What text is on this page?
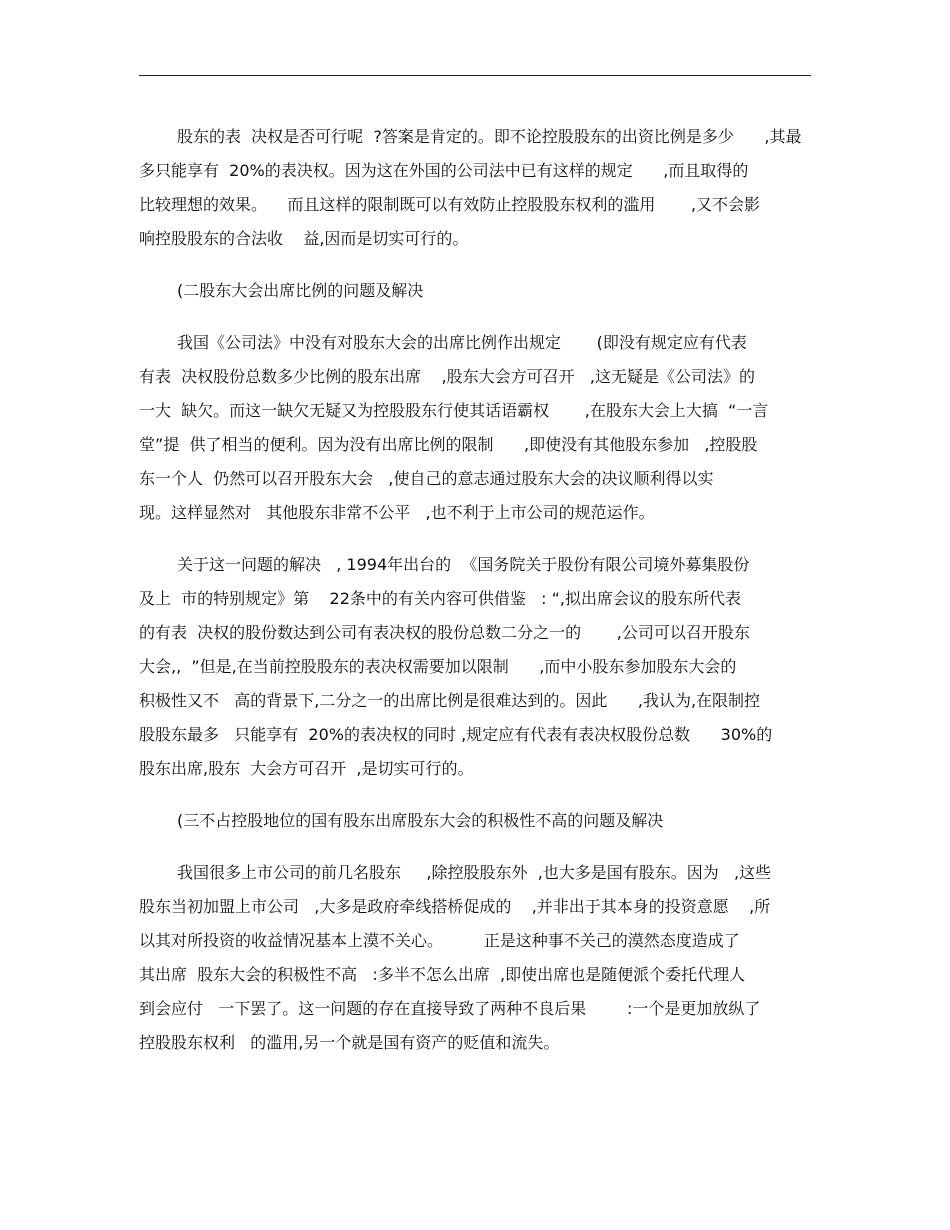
股东的表  决权是否可行呢  ?答案是肯定的。即不论控股股东的出资比例是多少      ,其最
多只能享有  20%的表决权。因为这在外国的公司法中已有这样的规定      ,而且取得的
比较理想的效果。    而且这样的限制既可以有效防止控股股东权利的滥用       ,又不会影
响控股股东的合法收    益,因而是切实可行的。
(二股东大会出席比例的问题及解决
我国《公司法》中没有对股东大会的出席比例作出规定       (即没有规定应有代表
有表  决权股份总数多少比例的股东出席    ,股东大会方可召开   ,这无疑是《公司法》的
一大  缺欠。而这一缺欠无疑又为控股股东行使其话语霸权       ,在股东大会上大搞  “一言
堂”提  供了相当的便利。因为没有出席比例的限制      ,即使没有其他股东参加   ,控股股
东一个人  仍然可以召开股东大会   ,使自己的意志通过股东大会的决议顺利得以实
现。这样显然对   其他股东非常不公平   ,也不利于上市公司的规范运作。
关于这一问题的解决   , 1994年出台的  《国务院关于股份有限公司境外募集股份
及上  市的特别规定》第    22条中的有关内容可供借鉴   : “,拟出席会议的股东所代表
的有表  决权的股份数达到公司有表决权的股份总数二分之一的       ,公司可以召开股东
大会,,  ”但是,在当前控股股东的表决权需要加以限制      ,而中小股东参加股东大会的
积极性又不   高的背景下,二分之一的出席比例是很难达到的。因此      ,我认为,在限制控
股股东最多   只能享有  20%的表决权的同时 ,规定应有代表有表决权股份总数      30%的
股东出席,股东  大会方可召开  ,是切实可行的。
(三不占控股地位的国有股东出席股东大会的积极性不高的问题及解决
我国很多上市公司的前几名股东     ,除控股股东外  ,也大多是国有股东。因为   ,这些
股东当初加盟上市公司   ,大多是政府牵线搭桥促成的    ,并非出于其本身的投资意愿    ,所
以其对所投资的收益情况基本上漠不关心。        正是这种事不关己的漠然态度造成了
其出席  股东大会的积极性不高   :多半不怎么出席  ,即使出席也是随便派个委托代理人
到会应付   一下罢了。这一问题的存在直接导致了两种不良后果        :一个是更加放纵了
控股股东权利   的滥用,另一个就是国有资产的贬值和流失。
